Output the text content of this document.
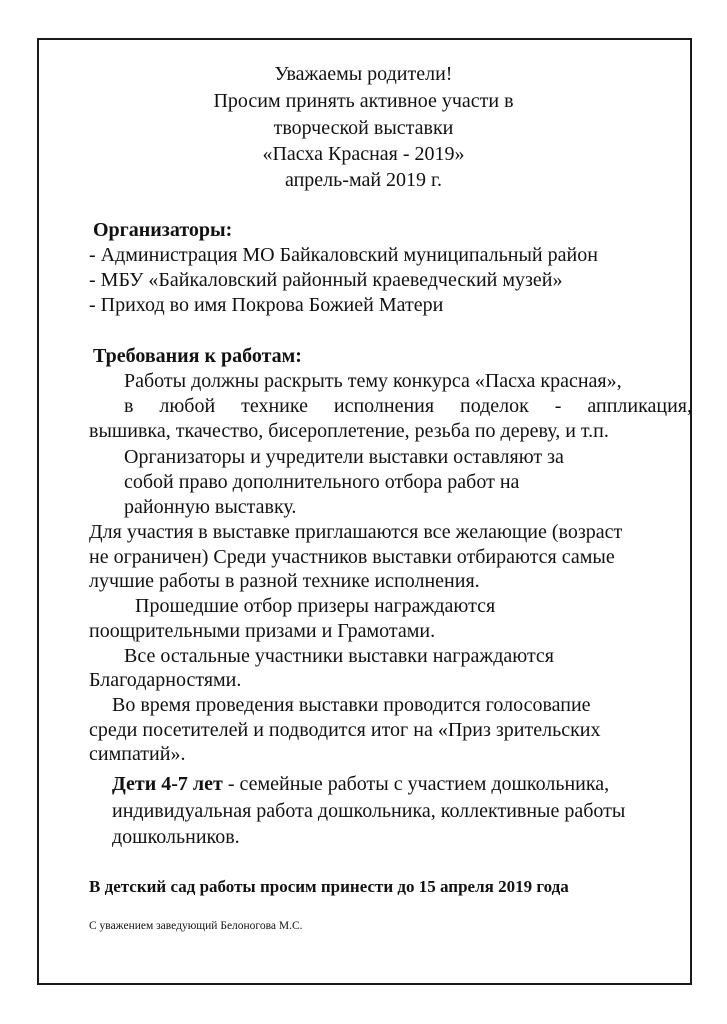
Уважаемы родители!

Просим принять активное участи в

творческой выставки

«Пасха Красная - 2019»

апрель-май 2019 г.

Организаторы:

- Администрация МО Байкаловский муниципальный район

- МБУ «Байкаловский районный краеведческий музей»

- Приход во имя Покрова Божией Матери

Требования к работам:

Работы должны раскрыть тему конкурса «Пасха красная»,

в любой технике исполнения поделок - аппликация,

вышивка, ткачество, бисероплетение, резьба по дереву, и т.п.

Организаторы и учредители выставки оставляют за

собой право дополнительного отбора работ на

районную выставку.

Для участия в выставке приглашаются все желающие (возраст

не ограничен) Среди участников выставки отбираются самые

лучшие работы в разной технике исполнения.

Прошедшие отбор призеры награждаются

поощрительными призами и Грамотами.

Все остальные участники выставки награждаются

Благодарностями.

Во время проведения выставки проводится голосовапие

среди посетителей и подводится итог на «Приз зрительских

симпатий».

Дети 4-7 лет - семейные работы с участием дошкольника,

индивидуальная работа дошкольника, коллективные работы

дошкольников.

В детский сад работы просим принести до 15 апреля 2019 года

С уважением заведующий Белоногова М.С.
